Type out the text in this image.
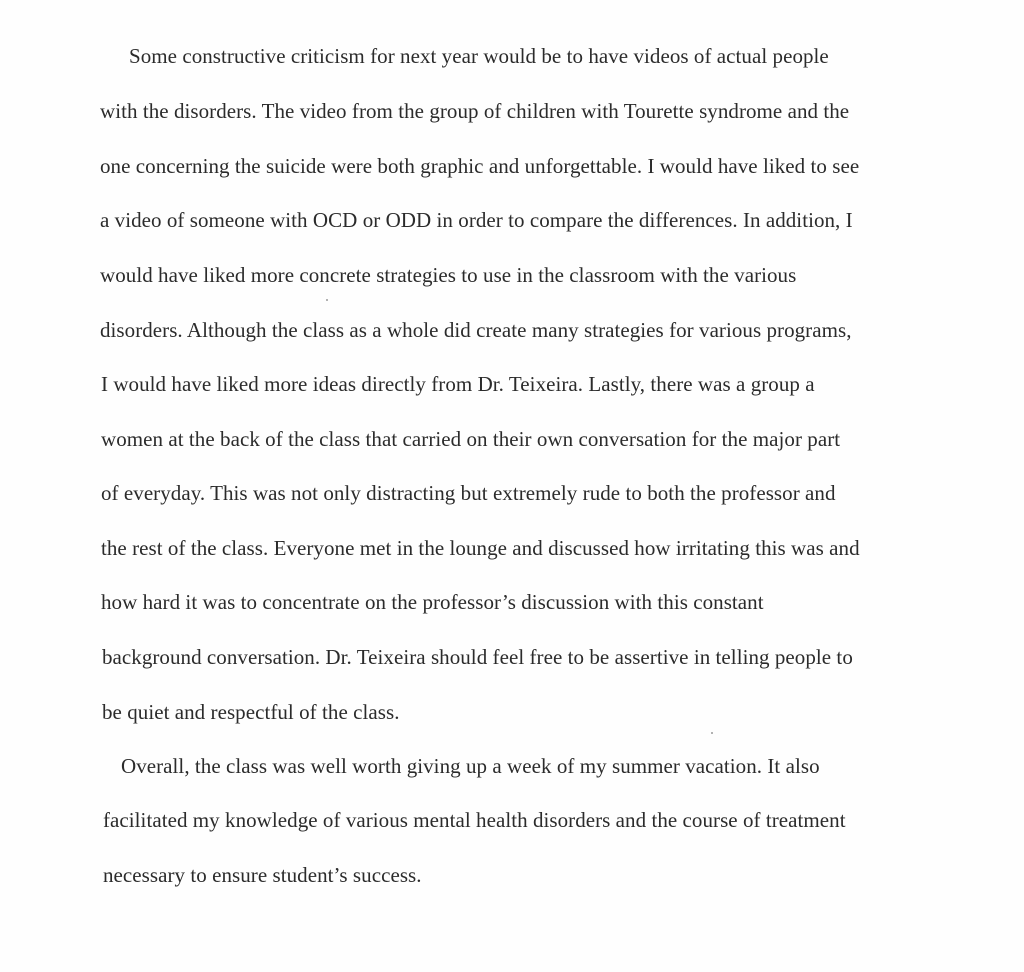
Some constructive criticism for next year would be to have videos of actual people
with the disorders. The video from the group of children with Tourette syndrome and the
one concerning the suicide were both graphic and unforgettable. I would have liked to see
a video of someone with OCD or ODD in order to compare the differences. In addition, I
would have liked more concrete strategies to use in the classroom with the various
disorders. Although the class as a whole did create many strategies for various programs,
I would have liked more ideas directly from Dr. Teixeira. Lastly, there was a group a
women at the back of the class that carried on their own conversation for the major part
of everyday. This was not only distracting but extremely rude to both the professor and
the rest of the class. Everyone met in the lounge and discussed how irritating this was and
how hard it was to concentrate on the professor’s discussion with this constant
background conversation. Dr. Teixeira should feel free to be assertive in telling people to
be quiet and respectful of the class.
Overall, the class was well worth giving up a week of my summer vacation. It also
facilitated my knowledge of various mental health disorders and the course of treatment
necessary to ensure student’s success.
